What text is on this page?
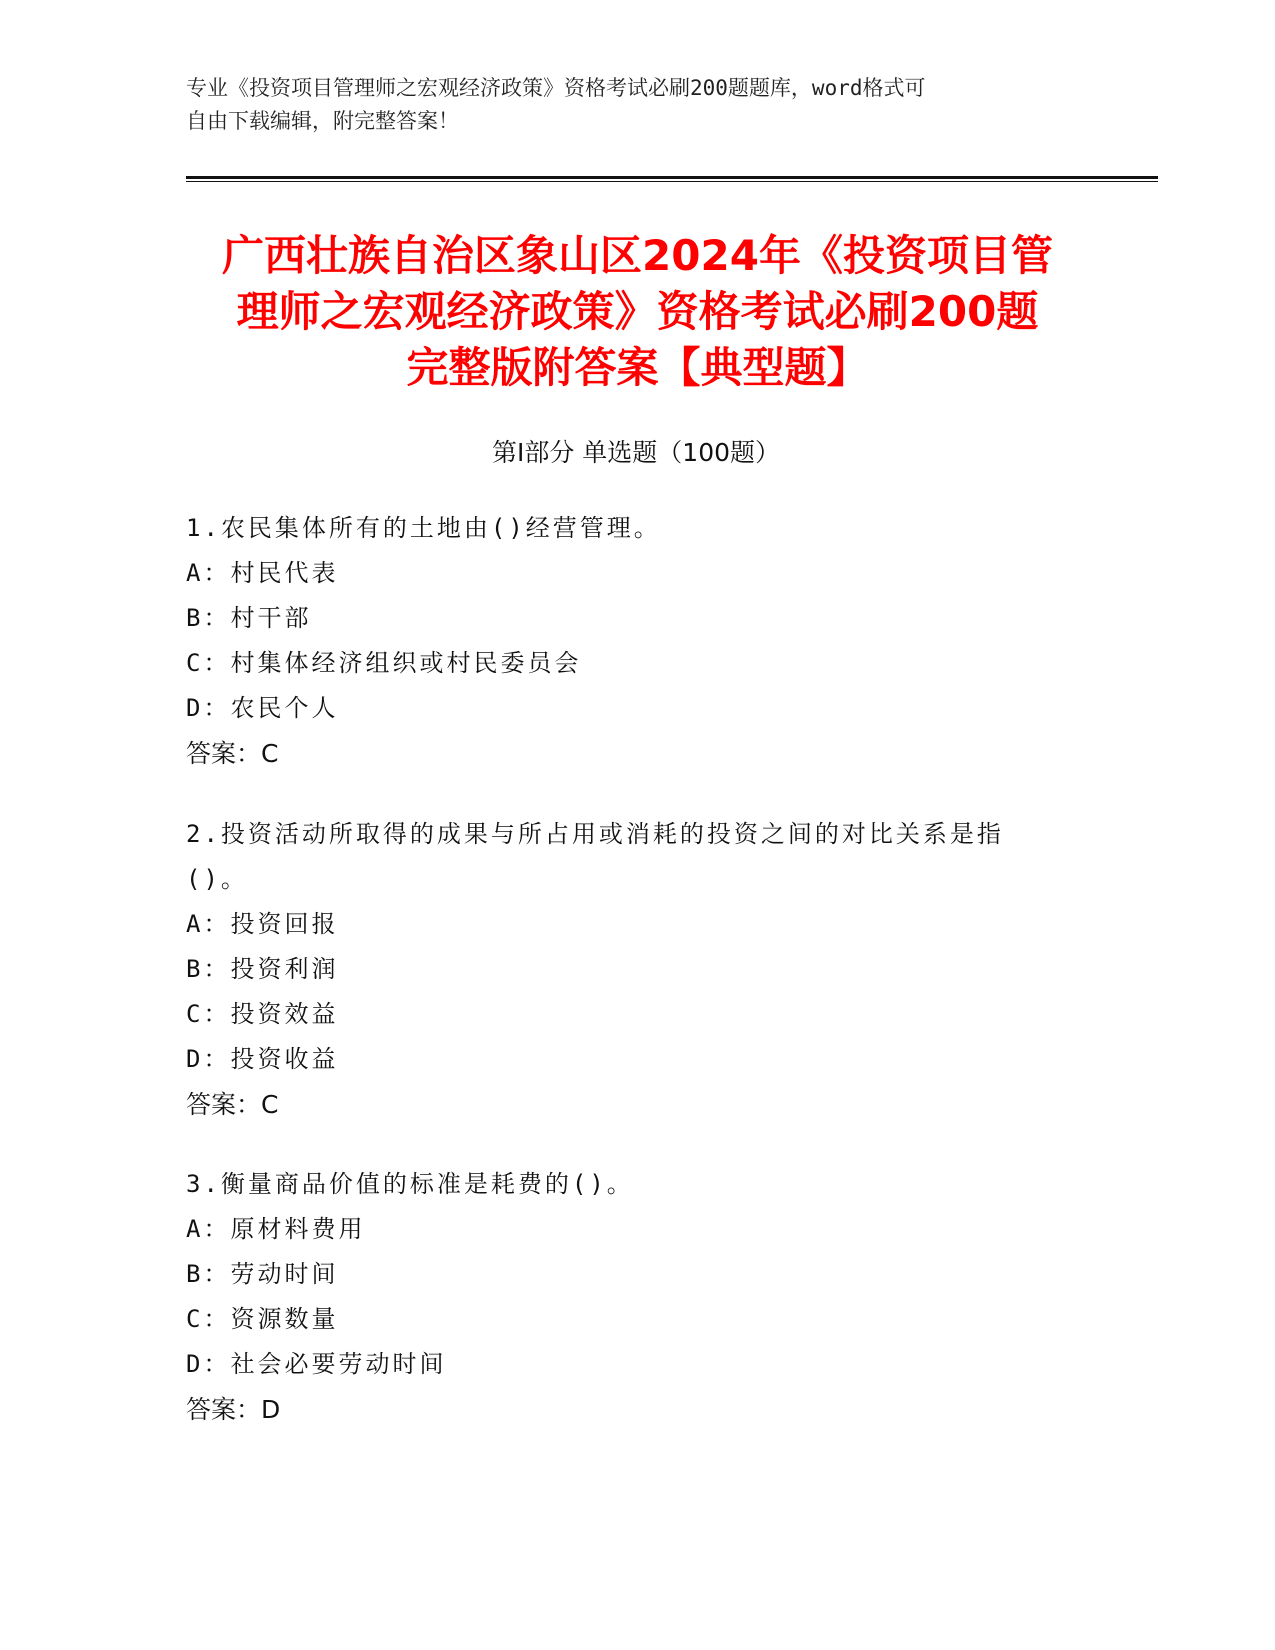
专业《投资项目管理师之宏观经济政策》资格考试必刷200题题库，word格式可
自由下载编辑，附完整答案！
广西壮族自治区象山区2024年《投资项目管
理师之宏观经济政策》资格考试必刷200题
完整版附答案【典型题】
第Ⅰ部分 单选题（100题）
1.农民集体所有的土地由()经营管理。
A：村民代表
B：村干部
C：村集体经济组织或村民委员会
D：农民个人
答案：C
2.投资活动所取得的成果与所占用或消耗的投资之间的对比关系是指
()。
A：投资回报
B：投资利润
C：投资效益
D：投资收益
答案：C
3.衡量商品价值的标准是耗费的()。
A：原材料费用
B：劳动时间
C：资源数量
D：社会必要劳动时间
答案：D
